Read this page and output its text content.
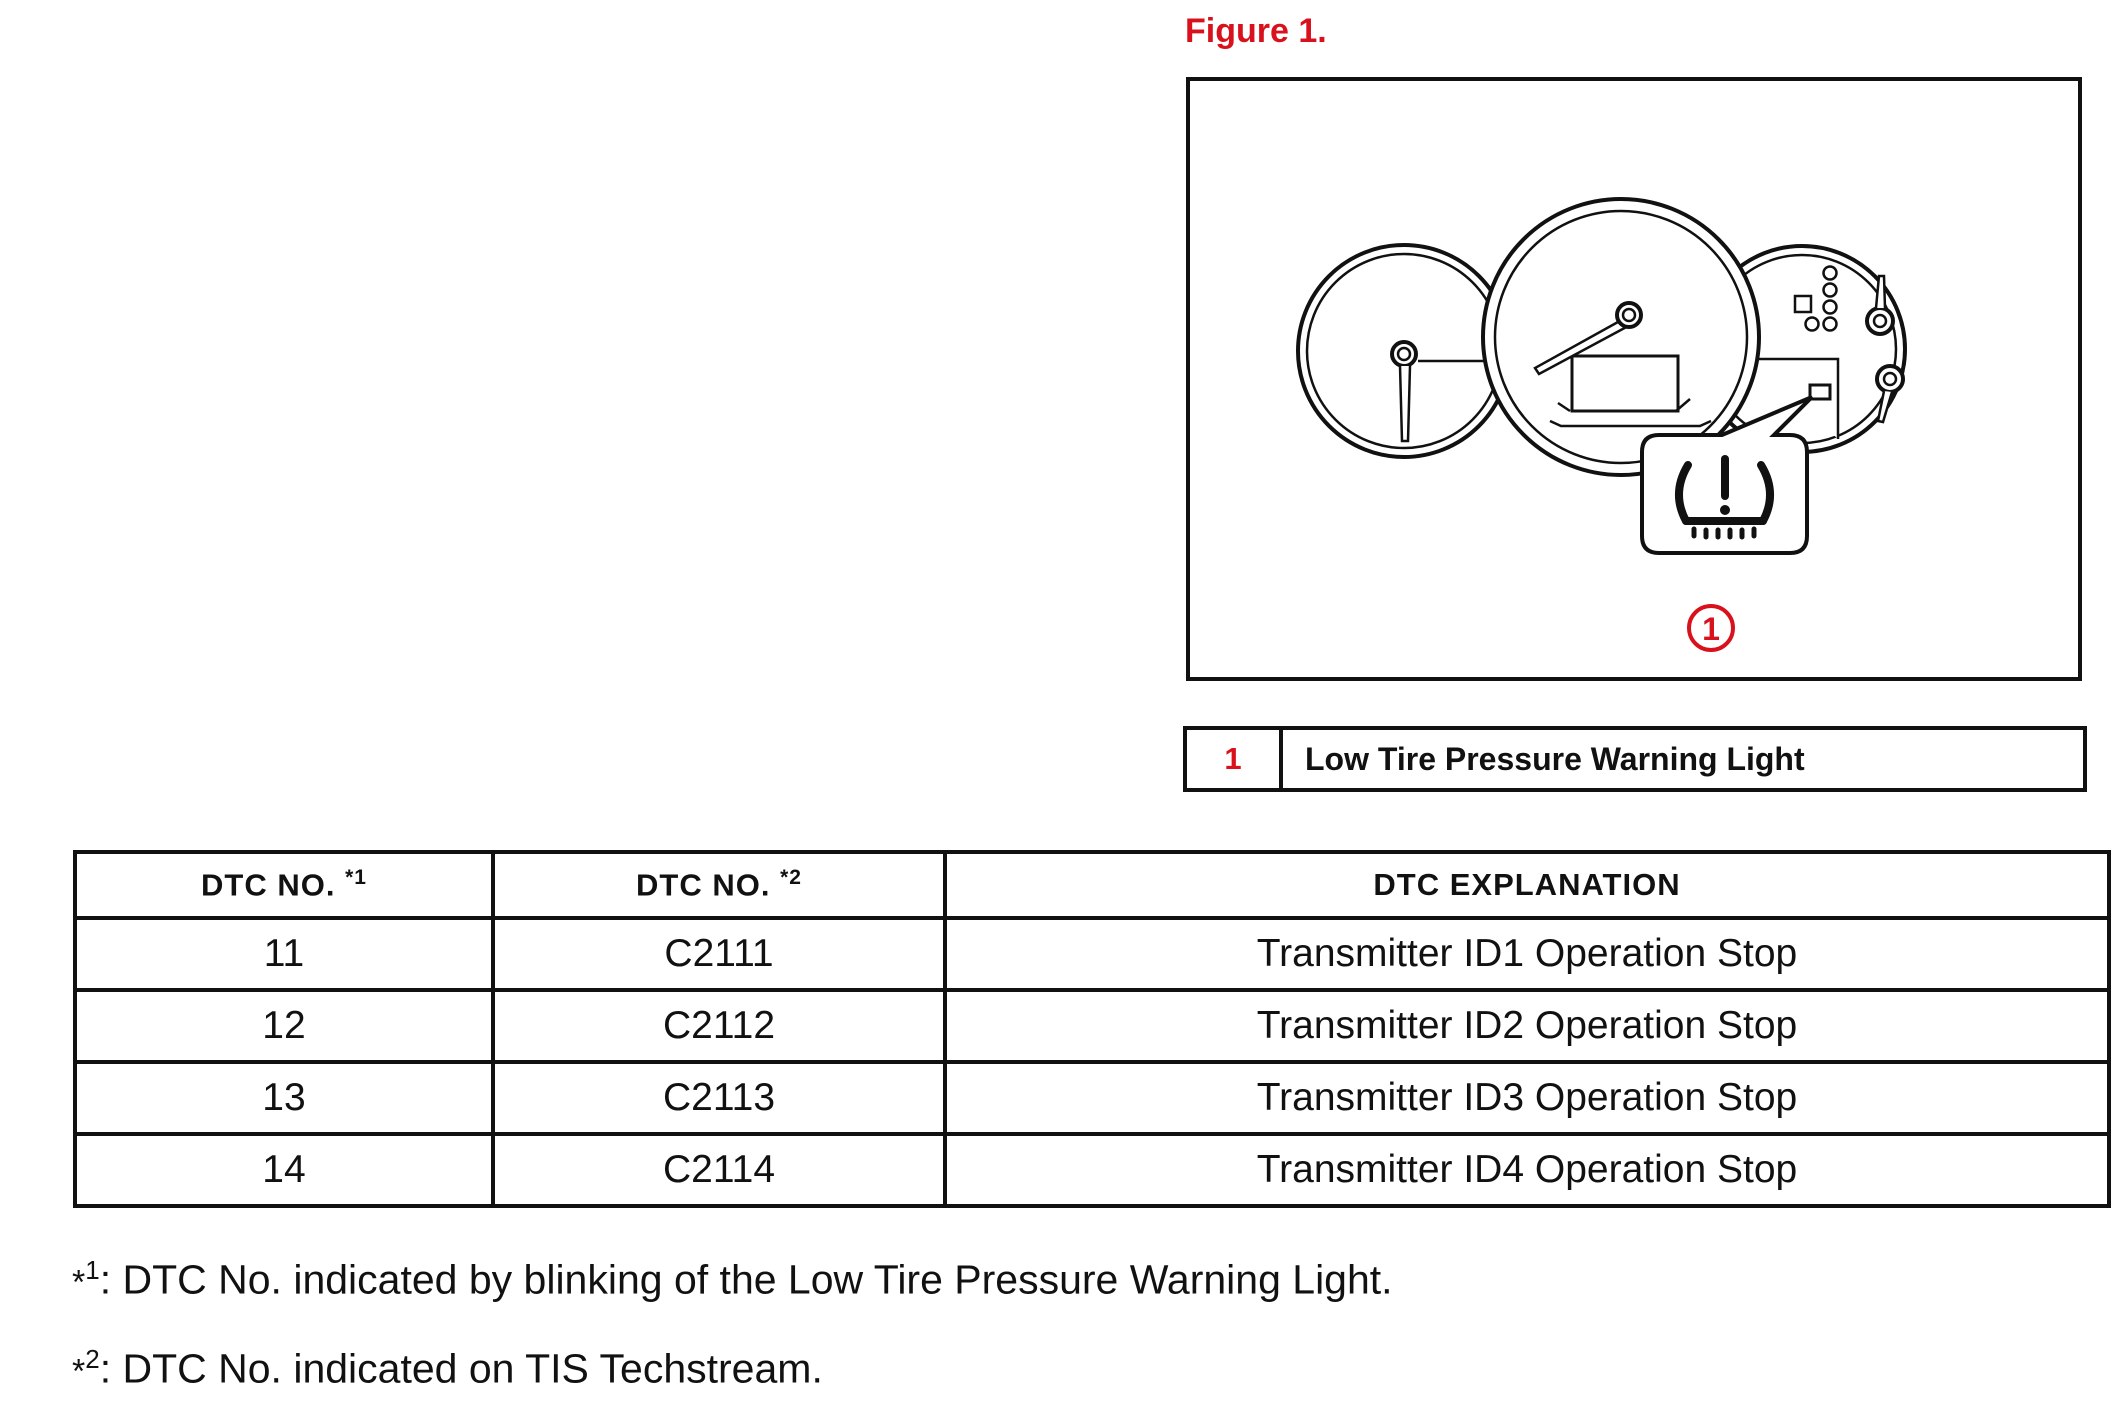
Figure 1.
1
1	Low Tire Pressure Warning Light
DTC NO. $^{*1}$	DTC NO. $^{*2}$	DTC EXPLANATION
11	C2111	Transmitter ID1 Operation Stop
12	C2112	Transmitter ID2 Operation Stop
13	C2113	Transmitter ID3 Operation Stop
14	C2114	Transmitter ID4 Operation Stop
*$^1$: DTC No. indicated by blinking of the Low Tire Pressure Warning Light.
*$^2$: DTC No. indicated on TIS Techstream.
